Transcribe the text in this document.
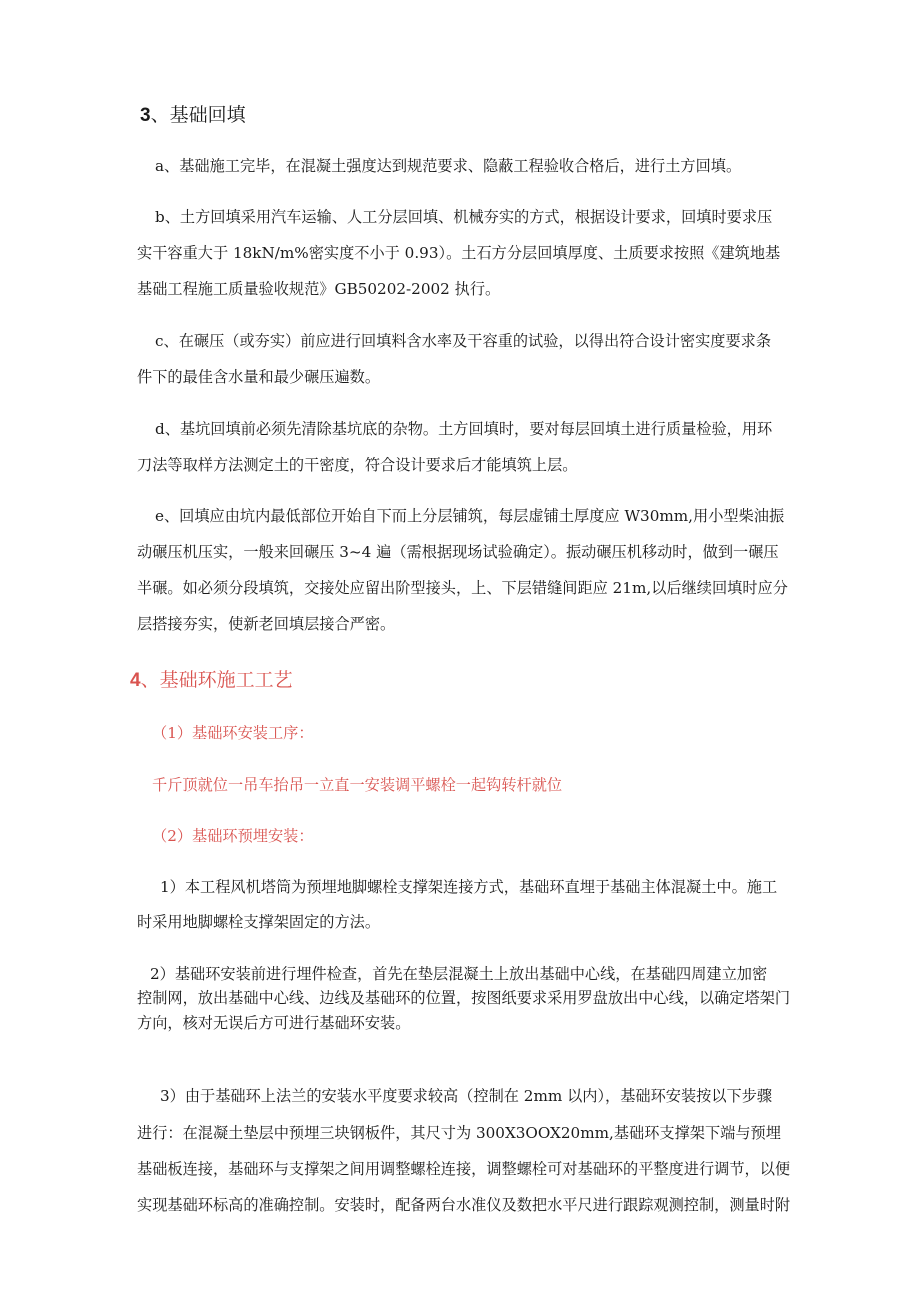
3、基础回填
a、基础施工完毕，在混凝土强度达到规范要求、隐蔽工程验收合格后，进行土方回填。
b、土方回填采用汽车运输、人工分层回填、机械夯实的方式，根据设计要求，回填时要求压
实干容重大于 18kN/m%密实度不小于 0.93）。土石方分层回填厚度、土质要求按照《建筑地基
基础工程施工质量验收规范》GB50202-2002 执行。
c、在碾压（或夯实）前应进行回填料含水率及干容重的试验，以得出符合设计密实度要求条
件下的最佳含水量和最少碾压遍数。
d、基坑回填前必须先清除基坑底的杂物。土方回填时，要对每层回填土进行质量检验，用环
刀法等取样方法测定土的干密度，符合设计要求后才能填筑上层。
e、回填应由坑内最低部位开始自下而上分层铺筑，每层虚铺土厚度应 W30mm,用小型柴油振
动碾压机压实，一般来回碾压 3~4 遍（需根据现场试验确定）。振动碾压机移动时，做到一碾压
半碾。如必须分段填筑，交接处应留出阶型接头，上、下层错缝间距应 21m,以后继续回填时应分
层搭接夯实，使新老回填层接合严密。
4、基础环施工工艺
（1）基础环安装工序：
千斤顶就位一吊车抬吊一立直一安装调平螺栓一起钩转杆就位
（2）基础环预埋安装：
1）本工程风机塔筒为预埋地脚螺栓支撑架连接方式，基础环直埋于基础主体混凝土中。施工
时采用地脚螺栓支撑架固定的方法。
2）基础环安装前进行埋件检查，首先在垫层混凝土上放出基础中心线，在基础四周建立加密
控制网，放出基础中心线、边线及基础环的位置，按图纸要求采用罗盘放出中心线，以确定塔架门
方向，核对无误后方可进行基础环安装。
3）由于基础环上法兰的安装水平度要求较高（控制在 2mm 以内），基础环安装按以下步骤
进行：在混凝土垫层中预埋三块钢板件，其尺寸为 300X3OOX20mm,基础环支撑架下端与预埋
基础板连接，基础环与支撑架之间用调整螺栓连接，调整螺栓可对基础环的平整度进行调节，以便
实现基础环标高的准确控制。安装时，配备两台水准仪及数把水平尺进行跟踪观测控制，测量时附
